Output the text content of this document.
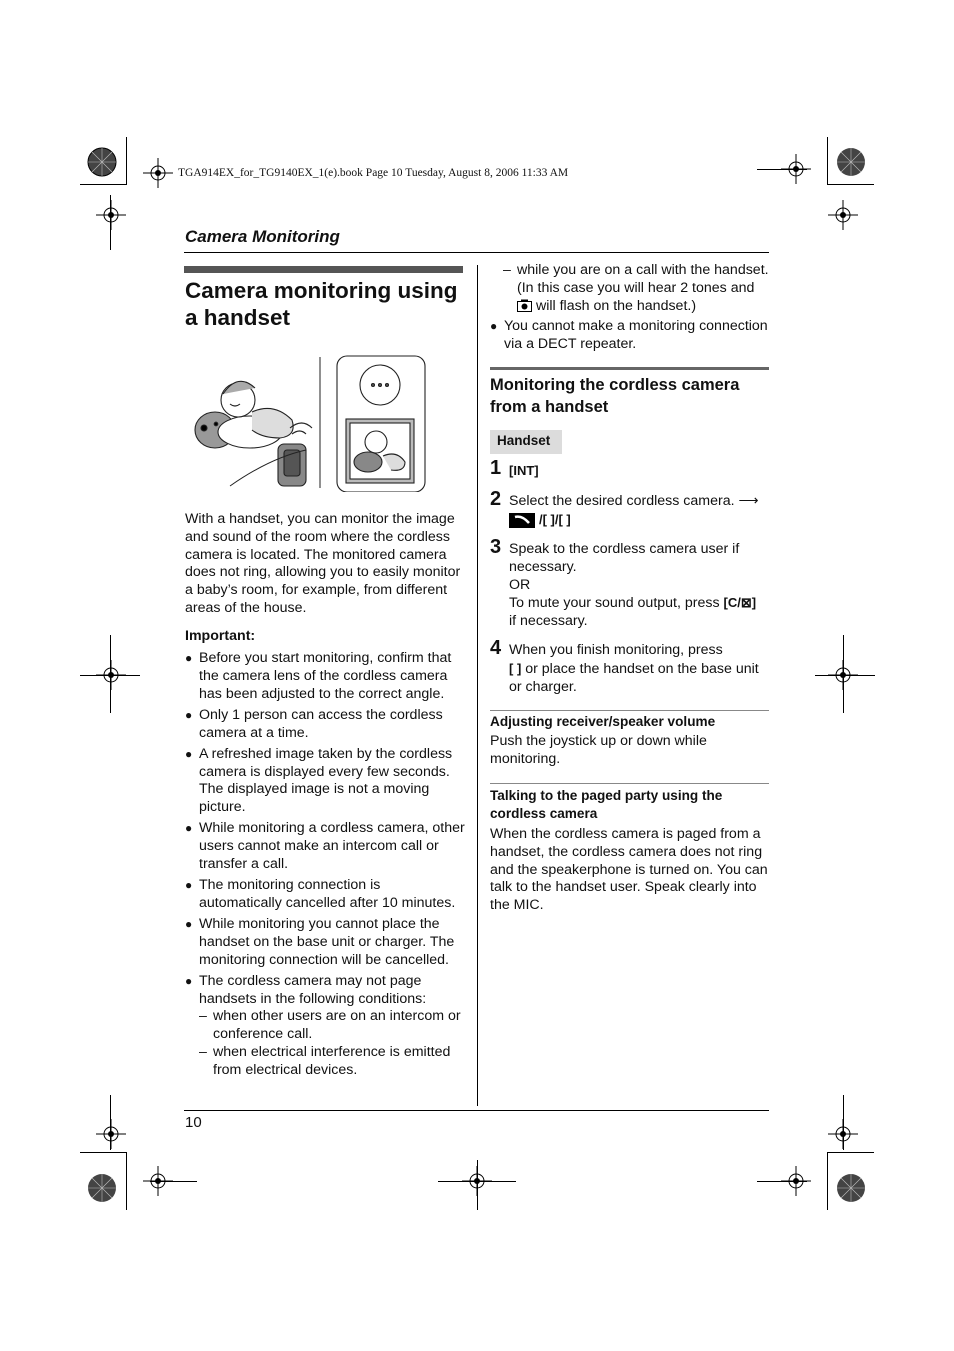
TGA914EX_for_TG9140EX_1(e).book Page 10 Tuesday, August 8, 2006 11:33 AM
Camera Monitoring
Camera monitoring using
a handset
With a handset, you can monitor the image and sound of the room where the cordless camera is located. The monitored camera does not ring, allowing you to easily monitor a baby’s room, for example, from different areas of the house.
Important:
● Before you start monitoring, confirm that the camera lens of the cordless camera has been adjusted to the correct angle.
● Only 1 person can access the cordless camera at a time.
● A refreshed image taken by the cordless camera is displayed every few seconds. The displayed image is not a moving picture.
● While monitoring a cordless camera, other users cannot make an intercom call or transfer a call.
● The monitoring connection is automatically cancelled after 10 minutes.
● While monitoring you cannot place the handset on the base unit or charger. The monitoring connection will be cancelled.
● The cordless camera may not page handsets in the following conditions:
– when other users are on an intercom or conference call.
– when electrical interference is emitted from electrical devices.
– while you are on a call with the handset.
(In this case you will hear 2 tones and
will flash on the handset.)
● You cannot make a monitoring connection via a DECT repeater.
Monitoring the cordless camera from a handset
Handset
1 [INT]
2 Select the desired cordless camera. ⟶
/[ ]/[ ]
3 Speak to the cordless camera user if necessary.
OR
To mute your sound output, press [C/⊠]
if necessary.
4 When you finish monitoring, press
[ ] or place the handset on the base unit or charger.
Adjusting receiver/speaker volume
Push the joystick up or down while monitoring.
Talking to the paged party using the cordless camera
When the cordless camera is paged from a handset, the cordless camera does not ring and the speakerphone is turned on. You can talk to the handset user. Speak clearly into the MIC.
10
